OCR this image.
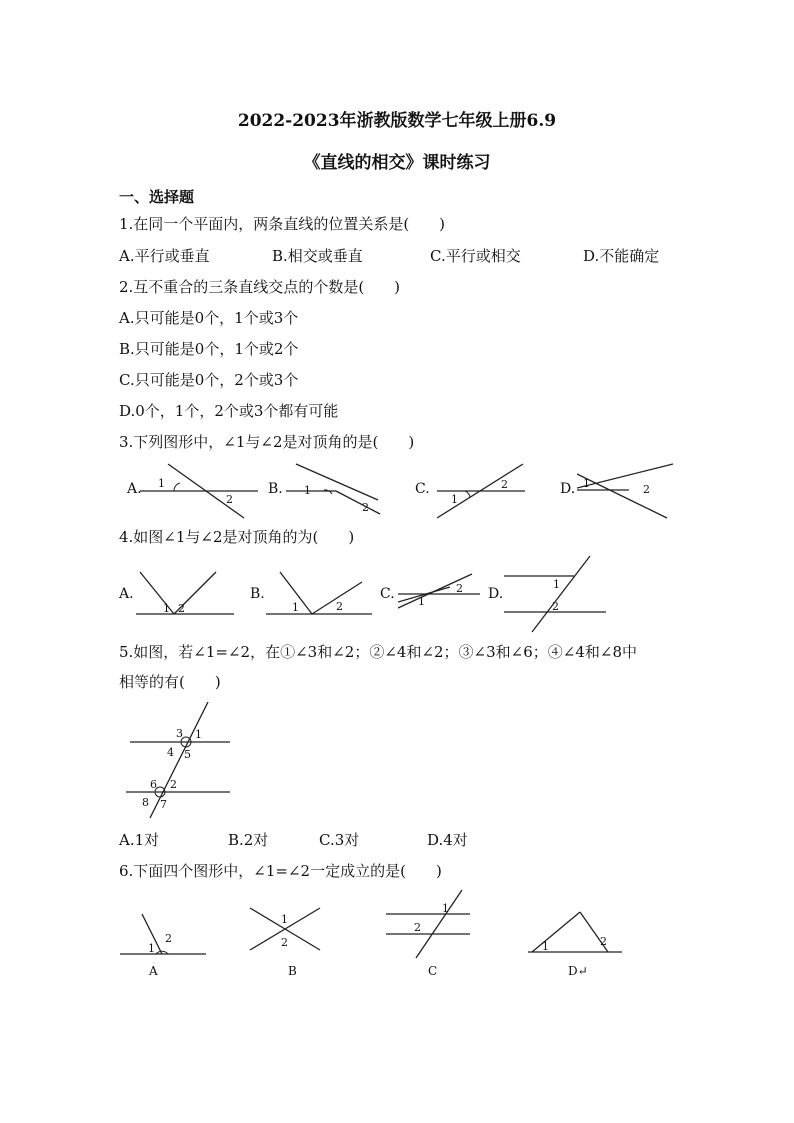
2022-2023年浙教版数学七年级上册6.9
《直线的相交》课时练习
一、选择题
1.在同一个平面内，两条直线的位置关系是(　　)
A.平行或垂直	B.相交或垂直	C.平行或相交	D.不能确定
2.互不重合的三条直线交点的个数是(　　)
A.只可能是0个，1个或3个
B.只可能是0个，1个或2个
C.只可能是0个，2个或3个
D.0个，1个，2个或3个都有可能
3.下列图形中，∠1与∠2是对顶角的是(　　)
A.	B.	C.	D.
1
2
1
2
1
2	1	2
4.如图∠1与∠2是对顶角的为(　　)
A.	B.	C.	D.
1 2	1	2	1
2	1
2
5.如图，若∠1=∠2，在①∠3和∠2；②∠4和∠2；③∠3和∠6；④∠4和∠8中
相等的有(　　)
3 1
4 5
6 2
8 7
A.1对	B.2对	C.3对	D.4对
6.下面四个图形中，∠1=∠2一定成立的是(　　)
1
2
A
1
2
B
1
2
C
1	2
D↵
